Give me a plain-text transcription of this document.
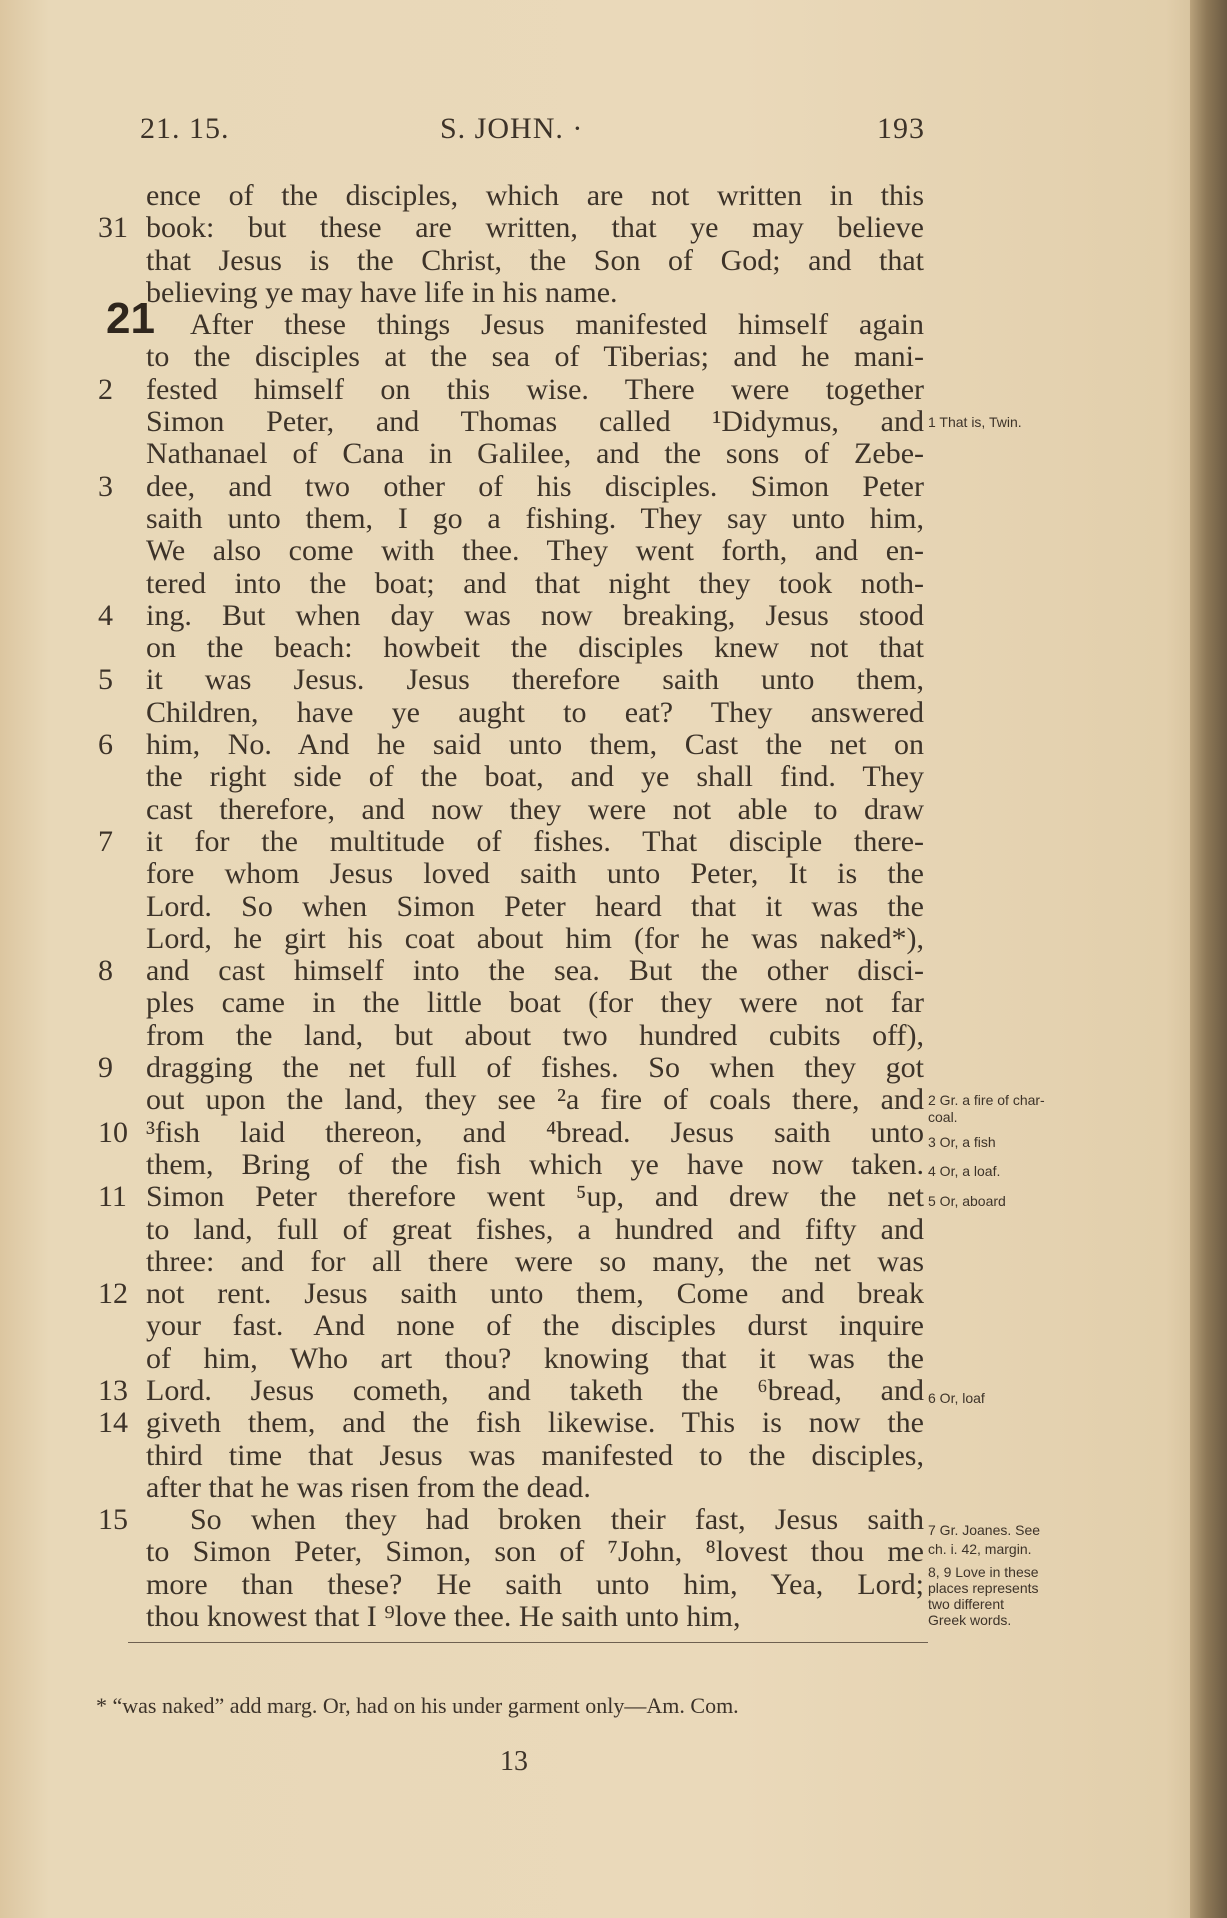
21. 15.	S. JOHN. ·	193
ence of the disciples, which are not written in this
31 book: but these are written, that ye may believe
that Jesus is the Christ, the Son of God; and that
believing ye may have life in his name.
21 After these things Jesus manifested himself again
to the disciples at the sea of Tiberias; and he mani-
2	fested himself on this wise. There were together
Simon Peter, and Thomas called ¹Didymus, and
Nathanael of Cana in Galilee, and the sons of Zebe-
3	dee, and two other of his disciples. Simon Peter
saith unto them, I go a fishing. They say unto him,
We also come with thee. They went forth, and en-
tered into the boat; and that night they took noth-
4	ing. But when day was now breaking, Jesus stood
on the beach: howbeit the disciples knew not that
5	it was Jesus. Jesus therefore saith unto them,
Children, have ye aught to eat? They answered
6	him, No. And he said unto them, Cast the net on
the right side of the boat, and ye shall find. They
cast therefore, and now they were not able to draw
7	it for the multitude of fishes. That disciple there-
fore whom Jesus loved saith unto Peter, It is the
Lord. So when Simon Peter heard that it was the
Lord, he girt his coat about him (for he was naked*),
8	and cast himself into the sea. But the other disci-
ples came in the little boat (for they were not far
from the land, but about two hundred cubits off),
9	dragging the net full of fishes. So when they got
out upon the land, they see ²a fire of coals there, and
10 ³fish laid thereon, and ⁴bread. Jesus saith unto
them, Bring of the fish which ye have now taken.
11 Simon Peter therefore went ⁵up, and drew the net
to land, full of great fishes, a hundred and fifty and
three: and for all there were so many, the net was
12 not rent. Jesus saith unto them, Come and break
your fast. And none of the disciples durst inquire
of him, Who art thou? knowing that it was the
13 Lord. Jesus cometh, and taketh the ⁶bread, and
14 giveth them, and the fish likewise. This is now the
third time that Jesus was manifested to the disciples,
after that he was risen from the dead.
15	So when they had broken their fast, Jesus saith
to Simon Peter, Simon, son of ⁷John, ⁸lovest thou me
more than these? He saith unto him, Yea, Lord;
thou knowest that I ⁹love thee. He saith unto him,
1 That is, Twin.
2 Gr. a fire of char-
coal.
3 Or, a fish
4 Or, a loaf.
5 Or, aboard
6 Or, loaf
7 Gr. Joanes. See
ch. i. 42, margin.
8, 9 Love in these
places represents
two different
Greek words.
* “was naked” add marg. Or, had on his under garment only—Am. Com.
13
